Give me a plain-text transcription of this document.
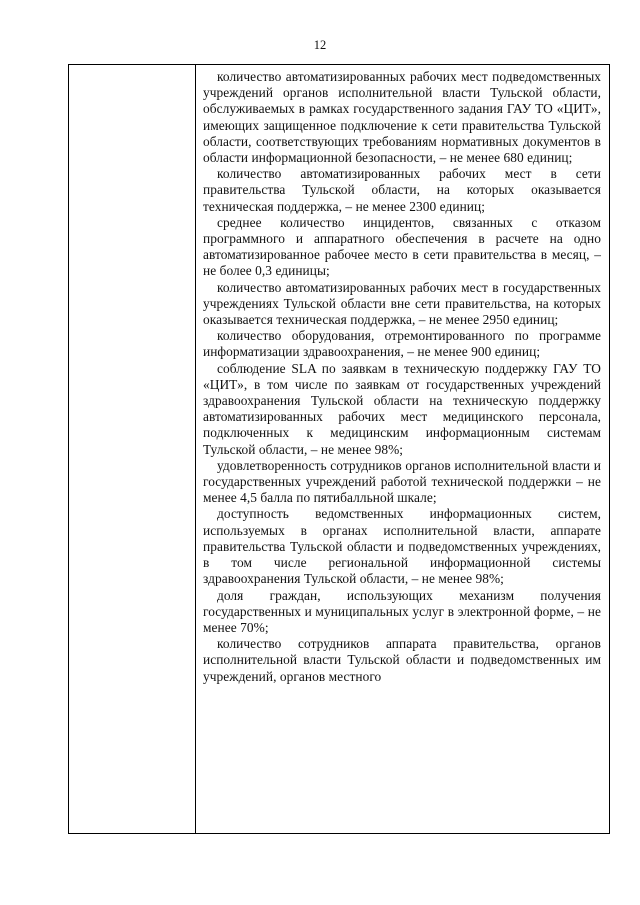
12

количество автоматизированных рабочих мест подведомственных учреждений органов исполнительной власти Тульской области, обслуживаемых в рамках государственного задания ГАУ ТО «ЦИТ», имеющих защищенное подключение к сети правительства Тульской области, соответствующих требованиям нормативных документов в области информационной безопасности, – не менее 680 единиц;

количество автоматизированных рабочих мест в сети правительства Тульской области, на которых оказывается техническая поддержка, – не менее 2300 единиц;

среднее количество инцидентов, связанных с отказом программного и аппаратного обеспечения в расчете на одно автоматизированное рабочее место в сети правительства в месяц, – не более 0,3 единицы;

количество автоматизированных рабочих мест в государственных учреждениях Тульской области вне сети правительства, на которых оказывается техническая поддержка, – не менее 2950 единиц;

количество оборудования, отремонтированного по программе информатизации здравоохранения, – не менее 900 единиц;

соблюдение SLA по заявкам в техническую поддержку ГАУ ТО «ЦИТ», в том числе по заявкам от государственных учреждений здравоохранения Тульской области на техническую поддержку автоматизированных рабочих мест медицинского персонала, подключенных к медицинским информационным системам Тульской области, – не менее 98%;

удовлетворенность сотрудников органов исполнительной власти и государственных учреждений работой технической поддержки – не менее 4,5 балла по пятибалльной шкале;

доступность ведомственных информационных систем, используемых в органах исполнительной власти, аппарате правительства Тульской области и подведомственных учреждениях, в том числе региональной информационной системы здравоохранения Тульской области, – не менее 98%;

доля граждан, использующих механизм получения государственных и муниципальных услуг в электронной форме, – не менее 70%;

количество сотрудников аппарата правительства, органов исполнительной власти Тульской области и подведомственных им учреждений, органов местного
